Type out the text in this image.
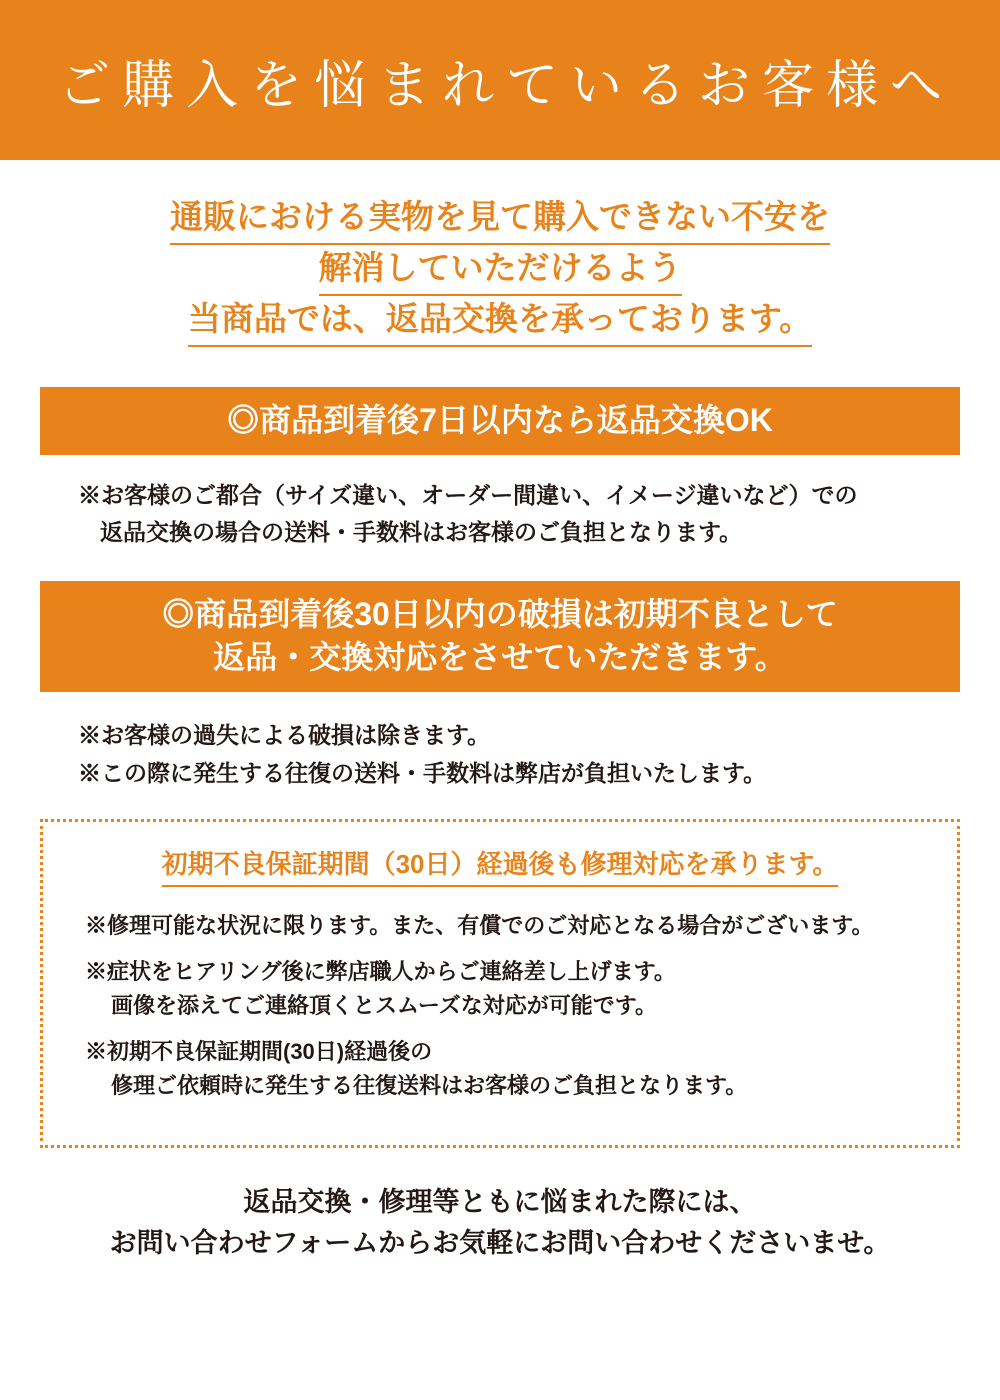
ご購入を悩まれているお客様へ
通販における実物を見て購入できない不安を
解消していただけるよう
当商品では、返品交換を承っております。
◎商品到着後7日以内なら返品交換OK
※お客様のご都合（サイズ違い、オーダー間違い、イメージ違いなど）での
返品交換の場合の送料・手数料はお客様のご負担となります。
◎商品到着後30日以内の破損は初期不良として
返品・交換対応をさせていただきます。
※お客様の過失による破損は除きます。
※この際に発生する往復の送料・手数料は弊店が負担いたします。
初期不良保証期間（30日）経過後も修理対応を承ります。
※修理可能な状況に限ります。また、有償でのご対応となる場合がございます。
※症状をヒアリング後に弊店職人からご連絡差し上げます。
画像を添えてご連絡頂くとスムーズな対応が可能です。
※初期不良保証期間(30日)経過後の
修理ご依頼時に発生する往復送料はお客様のご負担となります。
返品交換・修理等ともに悩まれた際には、
お問い合わせフォームからお気軽にお問い合わせくださいませ。
